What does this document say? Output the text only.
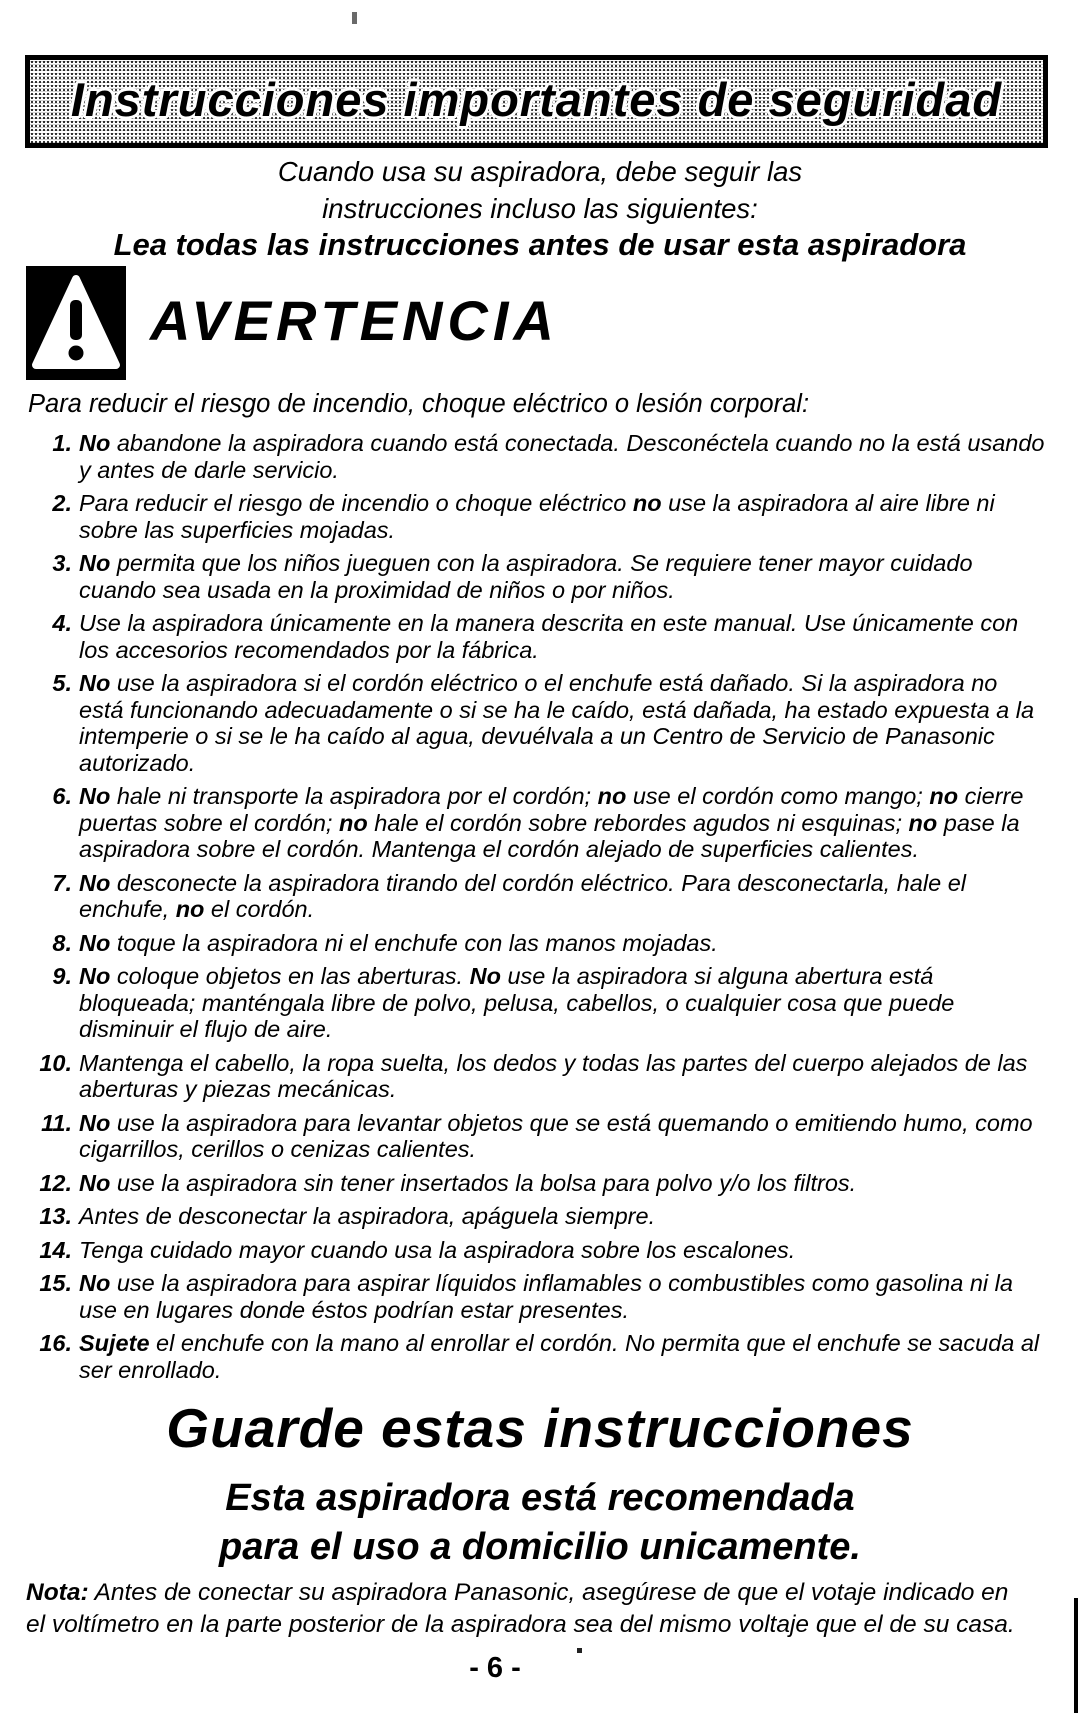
Instrucciones importantes de seguridad

Cuando usa su aspiradora, debe seguir las
instrucciones incluso las siguientes:

Lea todas las instrucciones antes de usar esta aspiradora

AVERTENCIA

Para reducir el riesgo de incendio, choque eléctrico o lesión corporal:

1. No abandone la aspiradora cuando está conectada. Desconéctela cuando no la está usando y antes de darle servicio.
2. Para reducir el riesgo de incendio o choque eléctrico no use la aspiradora al aire libre ni sobre las superficies mojadas.
3. No permita que los niños jueguen con la aspiradora. Se requiere tener mayor cuidado cuando sea usada en la proximidad de niños o por niños.
4. Use la aspiradora únicamente en la manera descrita en este manual. Use únicamente con los accesorios recomendados por la fábrica.
5. No use la aspiradora si el cordón eléctrico o el enchufe está dañado. Si la aspiradora no está funcionando adecuadamente o si se ha le caído, está dañada, ha estado expuesta a la intemperie o si se le ha caído al agua, devuélvala a un Centro de Servicio de Panasonic autorizado.
6. No hale ni transporte la aspiradora por el cordón; no use el cordón como mango; no cierre puertas sobre el cordón; no hale el cordón sobre rebordes agudos ni esquinas; no pase la aspiradora sobre el cordón. Mantenga el cordón alejado de superficies calientes.
7. No desconecte la aspiradora tirando del cordón eléctrico. Para desconectarla, hale el enchufe, no el cordón.
8. No toque la aspiradora ni el enchufe con las manos mojadas.
9. No coloque objetos en las aberturas. No use la aspiradora si alguna abertura está bloqueada; manténgala libre de polvo, pelusa, cabellos, o cualquier cosa que puede disminuir el flujo de aire.
10. Mantenga el cabello, la ropa suelta, los dedos y todas las partes del cuerpo alejados de las aberturas y piezas mecánicas.
11. No use la aspiradora para levantar objetos que se está quemando o emitiendo humo, como cigarrillos, cerillos o cenizas calientes.
12. No use la aspiradora sin tener insertados la bolsa para polvo y/o los filtros.
13. Antes de desconectar la aspiradora, apáguela siempre.
14. Tenga cuidado mayor cuando usa la aspiradora sobre los escalones.
15. No use la aspiradora para aspirar líquidos inflamables o combustibles como gasolina ni la use en lugares donde éstos podrían estar presentes.
16. Sujete el enchufe con la mano al enrollar el cordón. No permita que el enchufe se sacuda al ser enrollado.
Guarde estas instrucciones
Esta aspiradora está recomendada
para el uso a domicilio unicamente.

Nota: Antes de conectar su aspiradora Panasonic, asegúrese de que el votaje indicado en el voltímetro en la parte posterior de la aspiradora sea del mismo voltaje que el de su casa.

- 6 -
